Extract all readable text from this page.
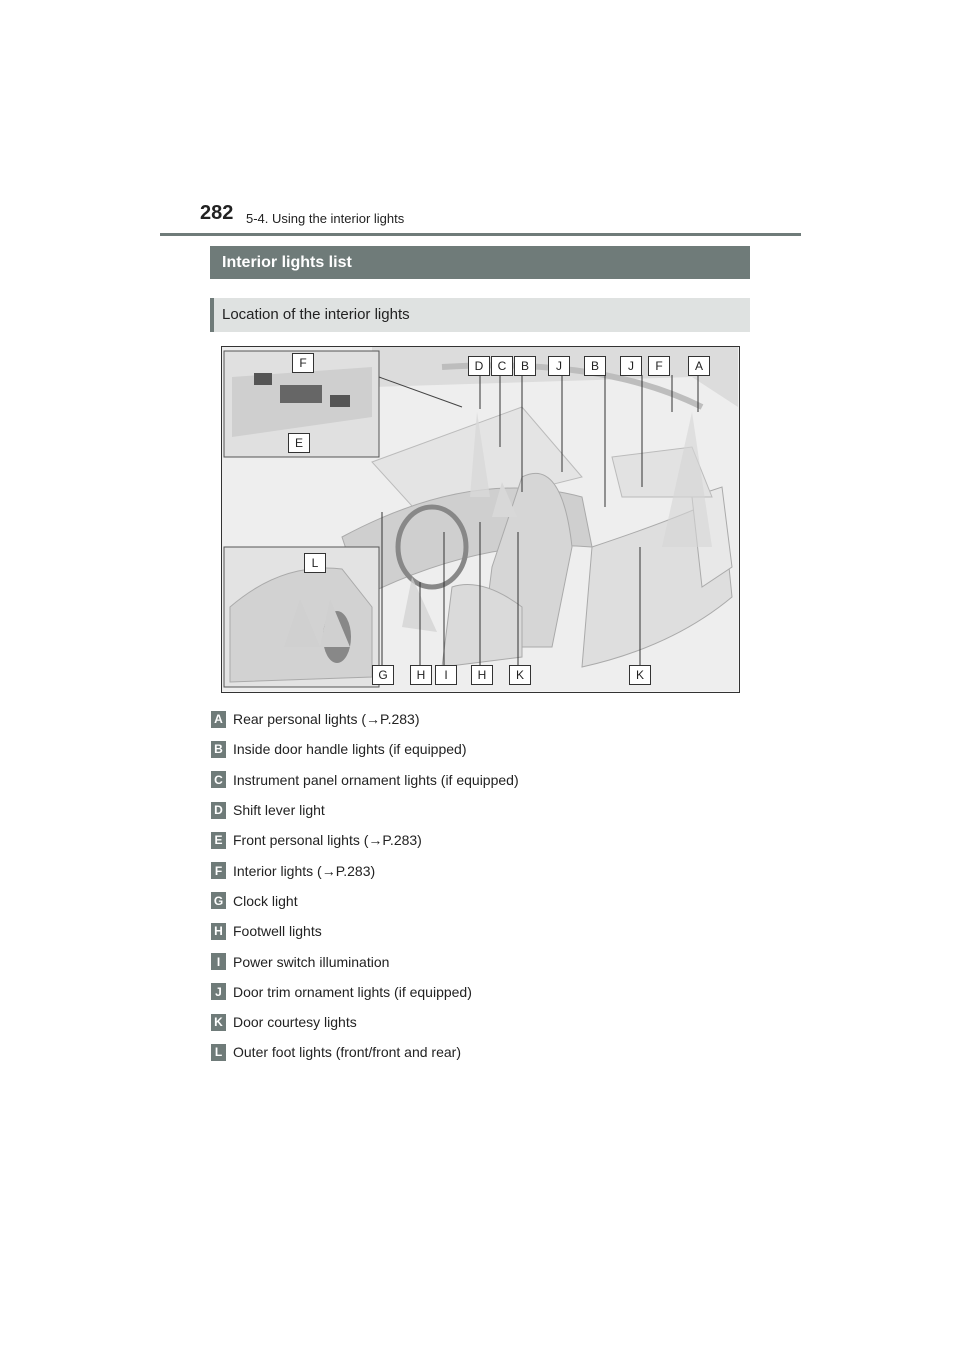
282 5-4. Using the interior lights
Interior lights list
Location of the interior lights
D	C	B	J	B	J	F	A
G	H	I	H	K	K
F
E
L
A Rear personal lights (→P.283)
B Inside door handle lights (if equipped)
C Instrument panel ornament lights (if equipped)
D Shift lever light
E Front personal lights (→P.283)
F Interior lights (→P.283)
G Clock light
H Footwell lights
I Power switch illumination
J Door trim ornament lights (if equipped)
K Door courtesy lights
L Outer foot lights (front/front and rear)
